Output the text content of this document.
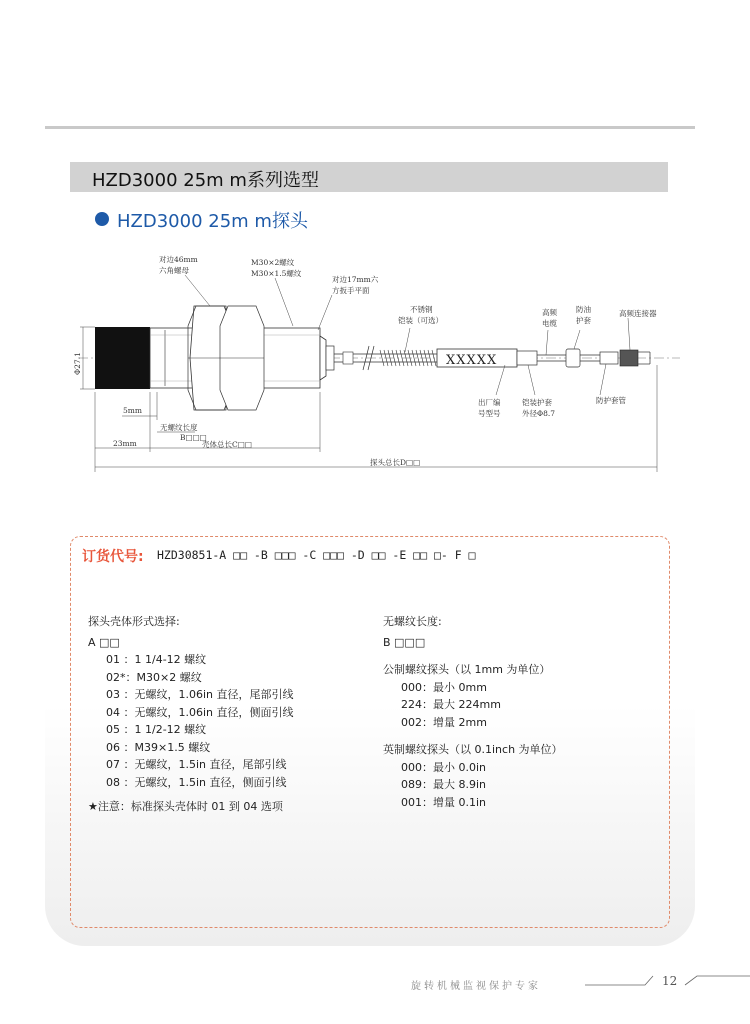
HZD3000 25m m系列选型
HZD3000 25m m探头
XXXXX
对边46mm
六角螺母
M30×2螺纹
M30×1.5螺纹
对边17mm六
方扳手平面
不锈钢
铠装（可选）
高频
电缆
防油
护套
高频连接器
出厂编
号型号
铠装护套
外径Φ8.7
防护套管
Φ27.1
5mm
无螺纹长度
B□□□
壳体总长C□□
23mm
探头总长D□□
订货代号: HZD30851-A □□ -B □□□ -C □□□ -D □□ -E □□ □- F □
探头壳体形式选择:
A □□
01 ：1 1/4-12 螺纹
02*：M30×2 螺纹
03 ：无螺纹，1.06in 直径，尾部引线
04 ：无螺纹，1.06in 直径，侧面引线
05 ：1 1/2-12 螺纹
06 ：M39×1.5 螺纹
07 ：无螺纹，1.5in 直径，尾部引线
08 ：无螺纹，1.5in 直径，侧面引线
★注意：标准探头壳体时 01 到 04 选项
无螺纹长度:
B □□□
公制螺纹探头（以 1mm 为单位）
000：最小 0mm
224：最大 224mm
002：增量 2mm
英制螺纹探头（以 0.1inch 为单位）
000：最小 0.0in
089：最大 8.9in
001：增量 0.1in
旋转机械监视保护专家	12
